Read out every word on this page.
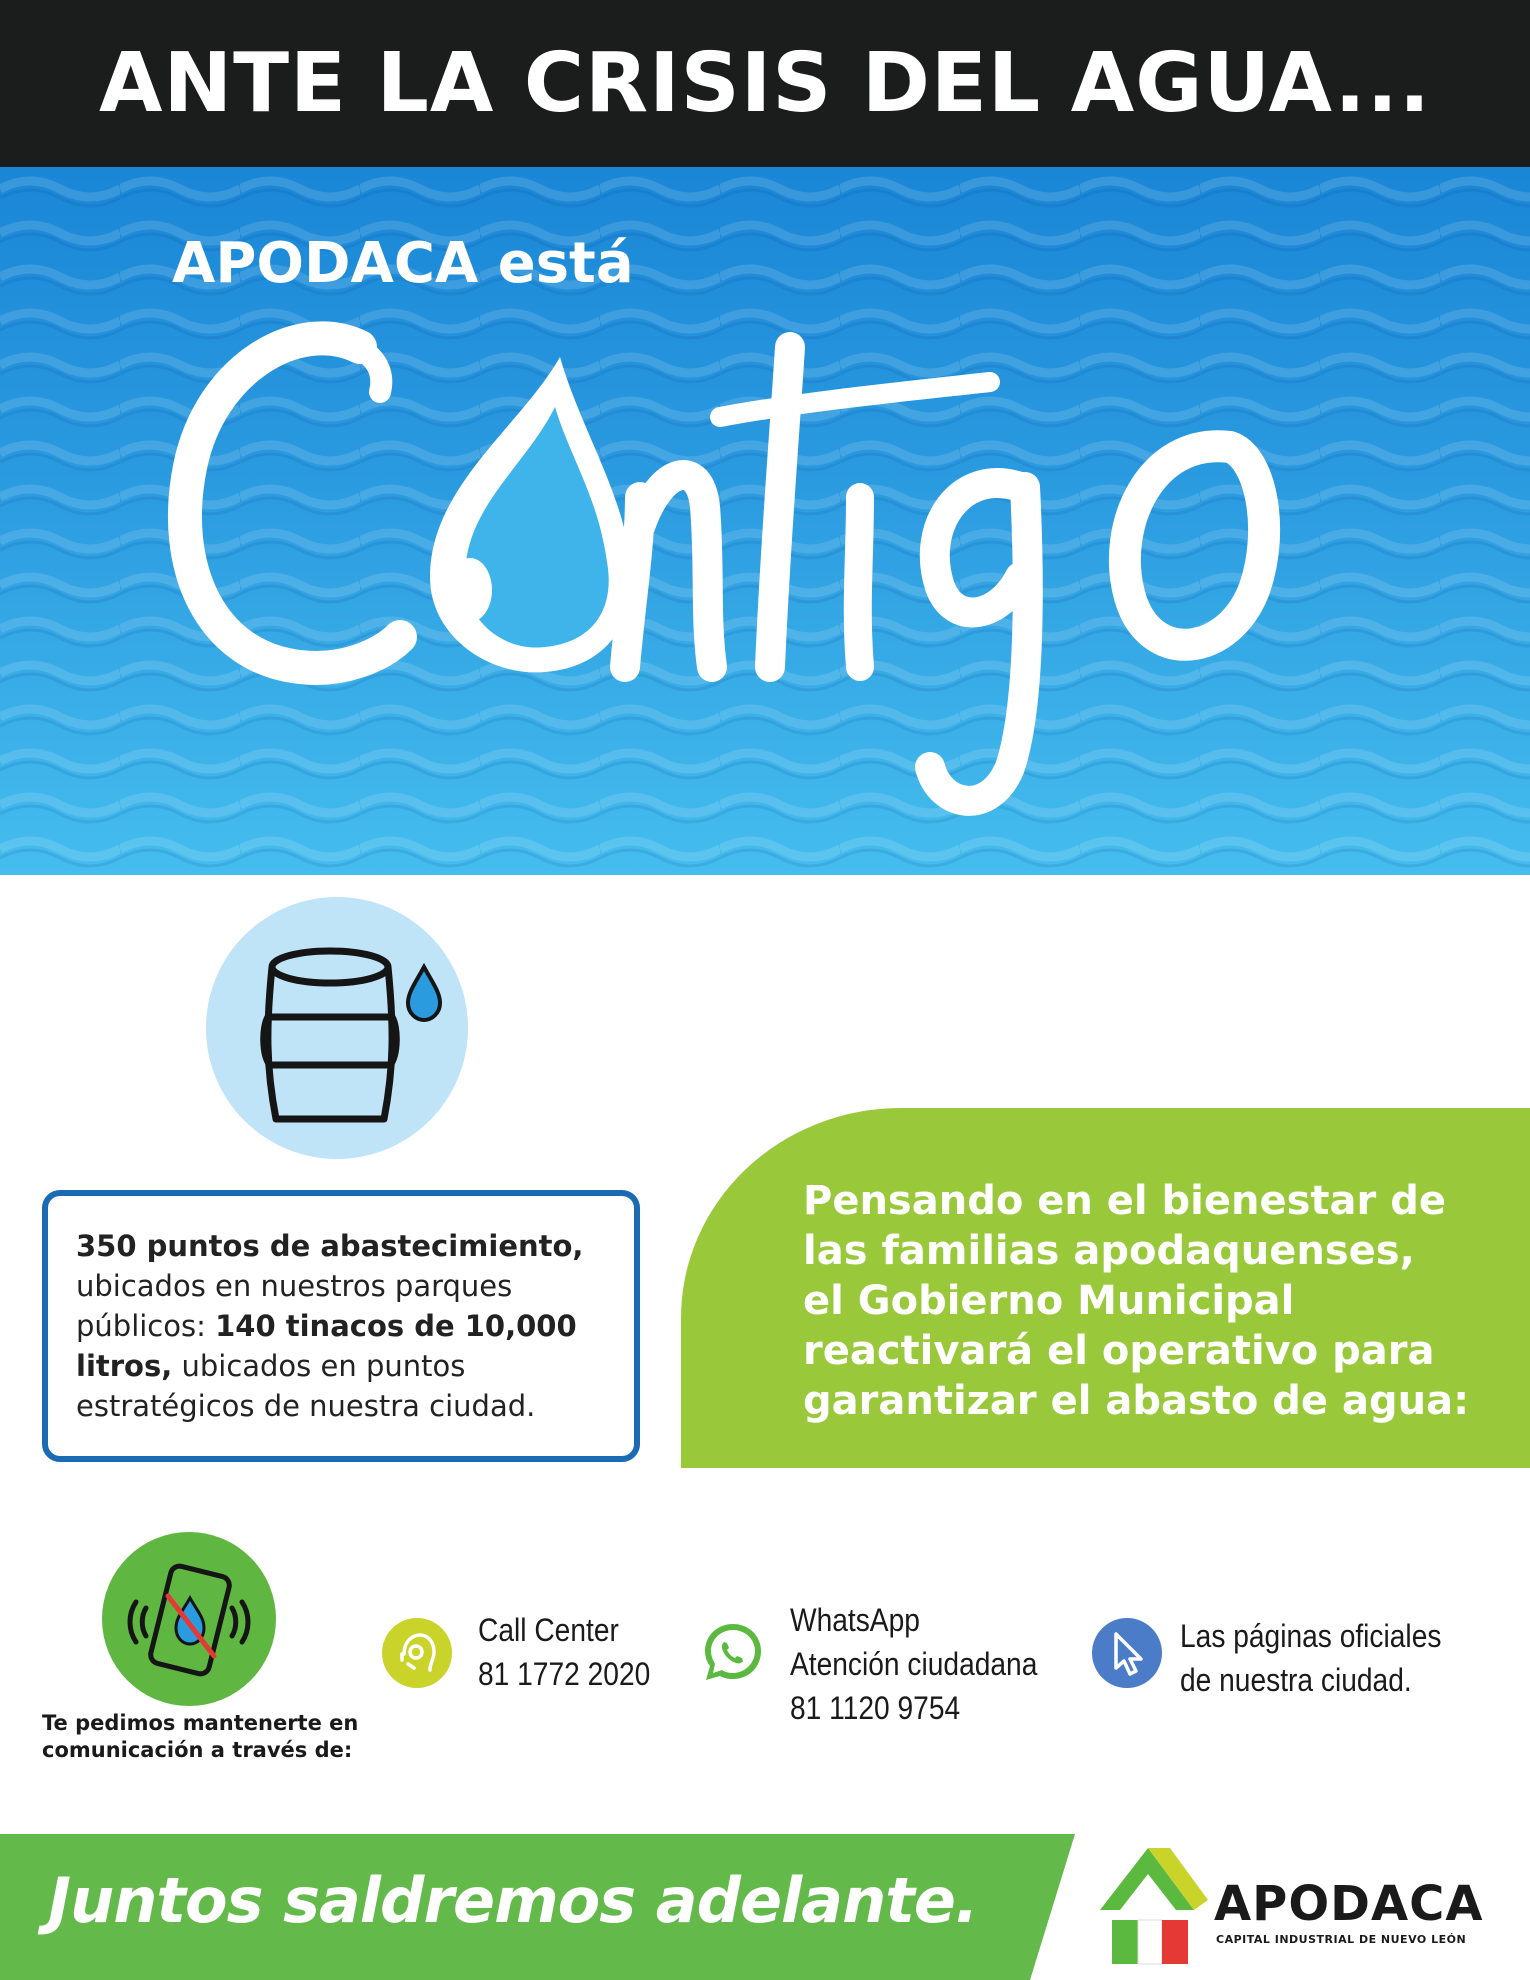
ANTE LA CRISIS DEL AGUA...
APODACA está

350 puntos de abastecimiento, ubicados en nuestros parques públicos: 140 tinacos de 10,000 litros, ubicados en puntos estratégicos de nuestra ciudad.

Pensando en el bienestar de

las familias apodaquenses,

el Gobierno Municipal

reactivará el operativo para

garantizar el abasto de agua:

Te pedimos mantenerte en
comunicación a través de:
Call Center
81 1772 2020
WhatsApp
Atención ciudadana
81 1120 9754
Las páginas oficiales
de nuestra ciudad.
Juntos saldremos adelante.	APODACA
CAPITAL INDUSTRIAL DE NUEVO LEÓN
